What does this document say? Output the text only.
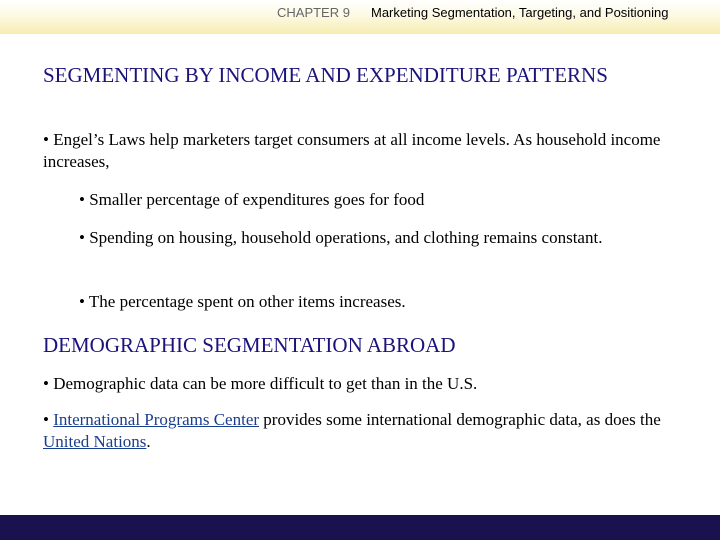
CHAPTER 9 Marketing Segmentation, Targeting, and Positioning
SEGMENTING BY INCOME AND EXPENDITURE PATTERNS

• Engel’s Laws help marketers target consumers at all income levels. As household income increases,

• Smaller percentage of expenditures goes for food

• Spending on housing, household operations, and clothing remains constant.

• The percentage spent on other items increases.

DEMOGRAPHIC SEGMENTATION ABROAD

• Demographic data can be more difficult to get than in the U.S.

• International Programs Center provides some international demographic data, as does the United Nations.
